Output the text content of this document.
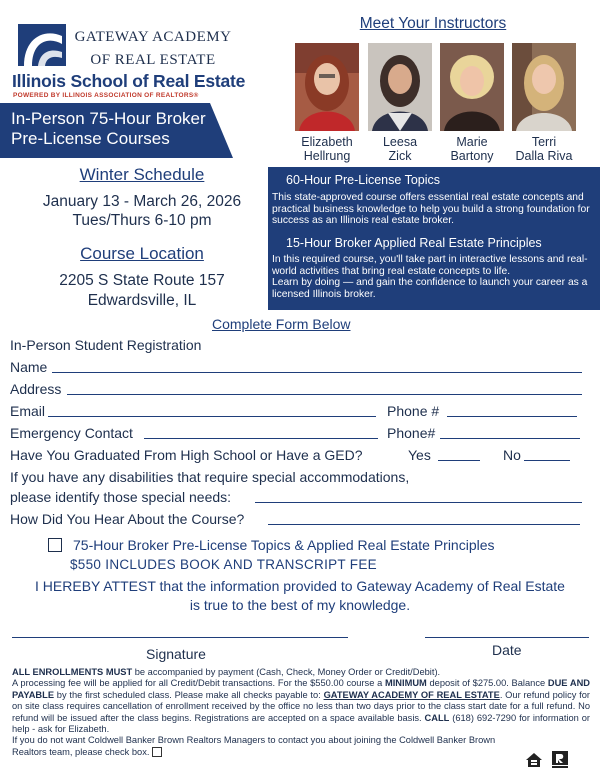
GATEWAY ACADEMY
OF REAL ESTATE
Illinois School of Real Estate
POWERED BY ILLINOIS ASSOCIATION OF REALTORS®
In-Person 75-Hour Broker
Pre-License Courses
Meet Your Instructors
Elizabeth
Hellrung
Leesa
Zick
Marie
Bartony
Terri
Dalla Riva
Winter Schedule
January 13 - March 26, 2026
Tues/Thurs 6-10 pm
Course Location
2205 S State Route 157
Edwardsville, IL
60-Hour Pre-License Topics
This state-approved course offers essential real estate concepts and practical business knowledge to help you build a strong foundation for success as an Illinois real estate broker.
15-Hour Broker Applied Real Estate Principles
In this required course, you'll take part in interactive lessons and real-world activities that bring real estate concepts to life.
Learn by doing — and gain the confidence to launch your career as a licensed Illinois broker.
Complete Form Below
In-Person Student Registration
Name
Address
Email	Phone #
Emergency Contact	Phone#
Have You Graduated From High School or Have a GED?	Yes	No
If you have any disabilities that require special accommodations,
please identify those special needs:
How Did You Hear About the Course?
75-Hour Broker Pre-License Topics & Applied Real Estate Principles
$550 INCLUDES BOOK AND TRANSCRIPT FEE
I HEREBY ATTEST that the information provided to Gateway Academy of Real Estate
is true to the best of my knowledge.
Signature	Date
ALL ENROLLMENTS MUST be accompanied by payment (Cash, Check, Money Order or Credit/Debit).
A processing fee will be applied for all Credit/Debit transactions. For the $550.00 course a MINIMUM deposit of $275.00. Balance DUE AND PAYABLE by the first scheduled class. Please make all checks payable to: GATEWAY ACADEMY OF REAL ESTATE. Our refund policy for on site class requires cancellation of enrollment received by the office no less than two days prior to the class start date for a full refund. No refund will be issued after the class begins. Registrations are accepted on a space available basis. CALL (618) 692-7290 for information or help - ask for Elizabeth.
If you do not want Coldwell Banker Brown Realtors Managers to contact you about joining the Coldwell Banker Brown Realtors team, please check box.
